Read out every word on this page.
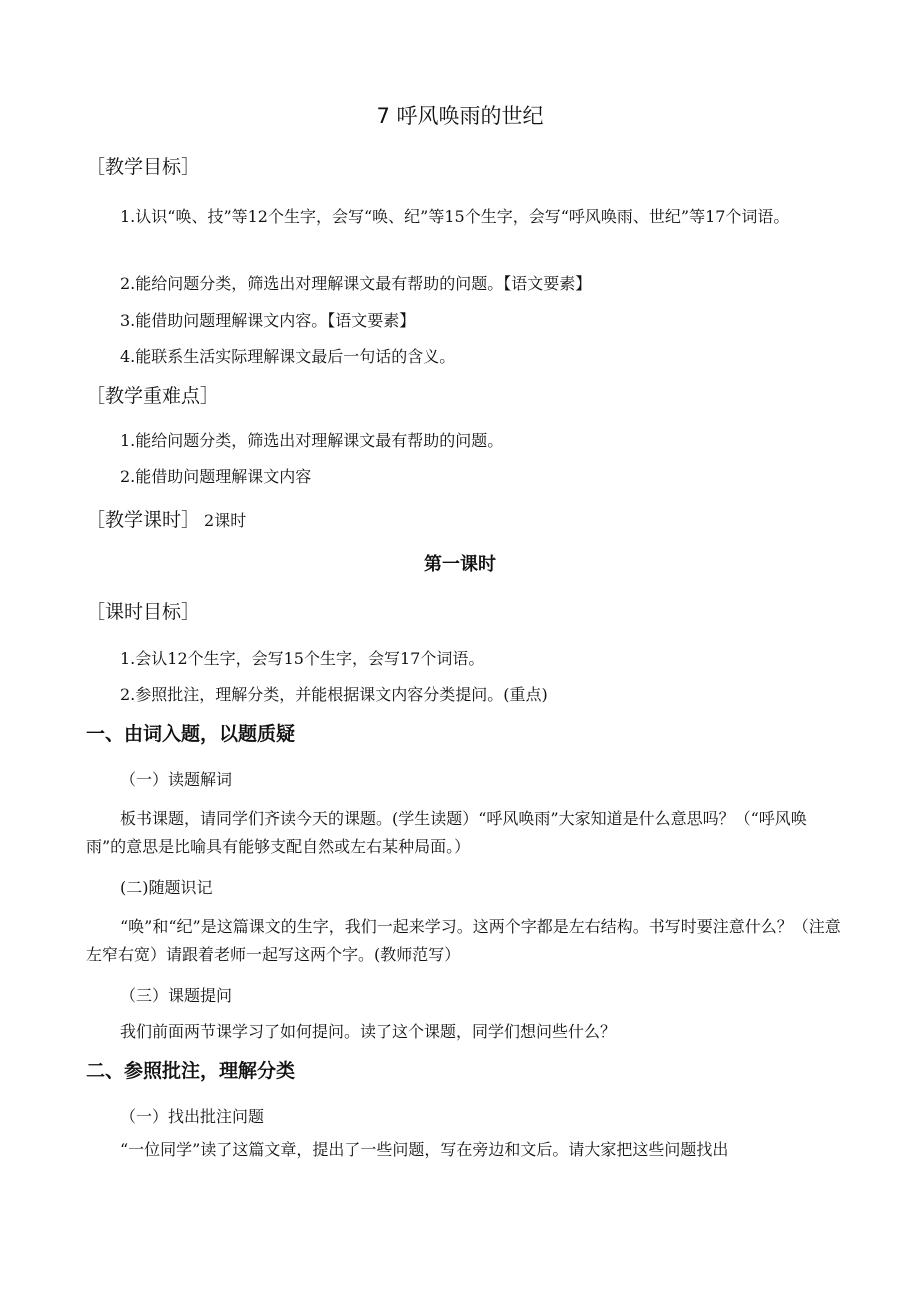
7 呼风唤雨的世纪
［教学目标］
1.认识“唤、技”等12个生字，会写“唤、纪”等15个生字，会写“呼风唤雨、世纪”等17个词语。
2.能给问题分类，筛选出对理解课文最有帮助的问题。【语文要素】
3.能借助问题理解课文内容。【语文要素】
4.能联系生活实际理解课文最后一句话的含义。
［教学重难点］
1.能给问题分类，筛选出对理解课文最有帮助的问题。
2.能借助问题理解课文内容
［教学课时］ 2课时
第一课时
［课时目标］
1.会认12个生字，会写15个生字，会写17个词语。
2.参照批注，理解分类，并能根据课文内容分类提问。(重点)
一、由词入题，以题质疑
（一）读题解词
板书课题，请同学们齐读今天的课题。(学生读题）“呼风唤雨”大家知道是什么意思吗？（“呼风唤雨”的意思是比喻具有能够支配自然或左右某种局面。）
(二)随题识记
“唤”和“纪”是这篇课文的生字，我们一起来学习。这两个字都是左右结构。书写时要注意什么？（注意左窄右宽）请跟着老师一起写这两个字。(教师范写）
（三）课题提问
我们前面两节课学习了如何提问。读了这个课题，同学们想问些什么？
二、参照批注，理解分类
（一）找出批注问题
“一位同学”读了这篇文章，提出了一些问题，写在旁边和文后。请大家把这些问题找出
